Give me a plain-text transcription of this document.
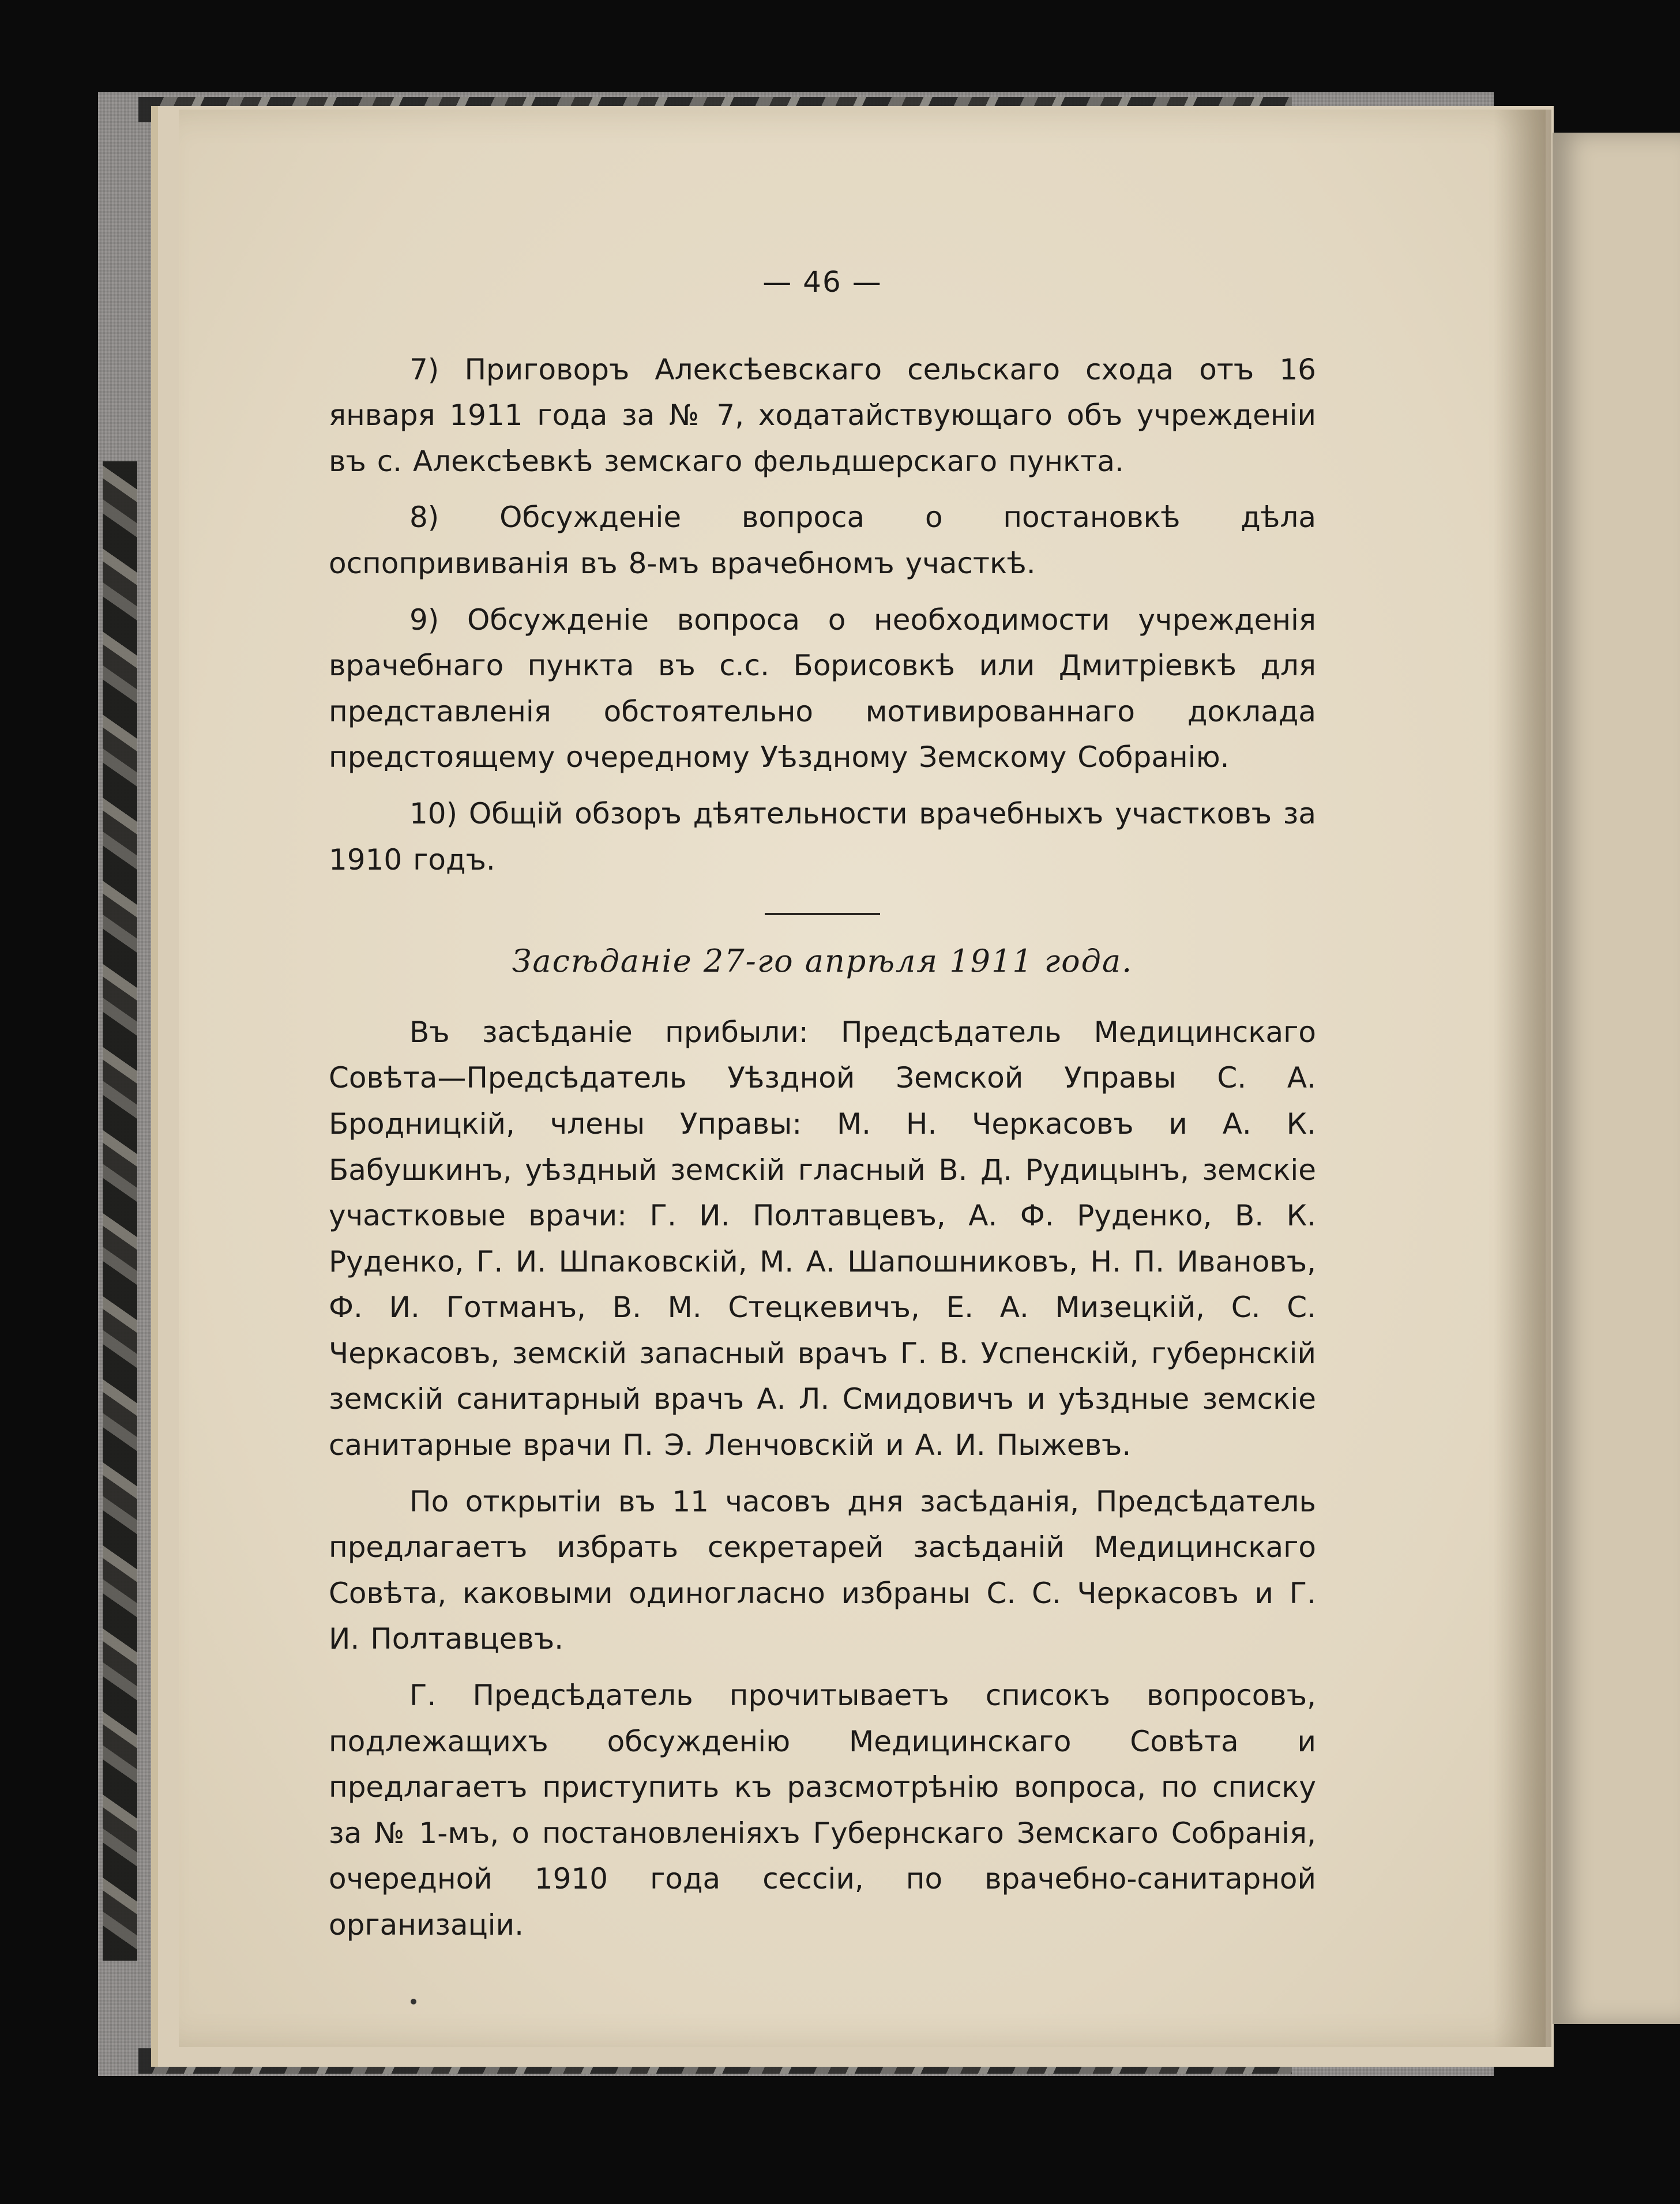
— 46 —

7) Приговоръ Алексѣевскаго сельскаго схода отъ 16 января 1911 года за № 7, ходатайствующаго объ учрежденіи въ с. Алексѣевкѣ земскаго фельдшерскаго пункта.

8) Обсужденіе вопроса о постановкѣ дѣла оспопрививанія въ 8-мъ врачебномъ участкѣ.

9) Обсужденіе вопроса о необходимости учрежденія врачебнаго пункта въ с.с. Борисовкѣ или Дмитріевкѣ для представленія обстоятельно мотивированнаго доклада предстоящему очередному Уѣздному Земскому Собранію.

10) Общій обзоръ дѣятельности врачебныхъ участковъ за 1910 годъ.

Засѣданіе 27-го апрѣля 1911 года.

Въ засѣданіе прибыли: Предсѣдатель Медицинскаго Совѣта—Предсѣдатель Уѣздной Земской Управы С. А. Бродницкій, члены Управы: М. Н. Черкасовъ и А. К. Бабушкинъ, уѣздный земскій гласный В. Д. Рудицынъ, земскіе участковые врачи: Г. И. Полтавцевъ, А. Ф. Руденко, В. К. Руденко, Г. И. Шпаковскій, М. А. Шапошниковъ, Н. П. Ивановъ, Ф. И. Готманъ, В. М. Стецкевичъ, Е. А. Мизецкій, С. С. Черкасовъ, земскій запасный врачъ Г. В. Успенскій, губернскій земскій санитарный врачъ А. Л. Смидовичъ и уѣздные земскіе санитарные врачи П. Э. Ленчовскій и А. И. Пыжевъ.

По открытіи въ 11 часовъ дня засѣданія, Предсѣдатель предлагаетъ избрать секретарей засѣданій Медицинскаго Совѣта, каковыми одиногласно избраны С. С. Черкасовъ и Г. И. Полтавцевъ.

Г. Предсѣдатель прочитываетъ списокъ вопросовъ, подлежащихъ обсужденію Медицинскаго Совѣта и предлагаетъ приступить къ разсмотрѣнію вопроса, по списку за № 1-мъ, о постановленіяхъ Губернскаго Земскаго Собранія, очередной 1910 года сессіи, по врачебно-санитарной организаціи.
